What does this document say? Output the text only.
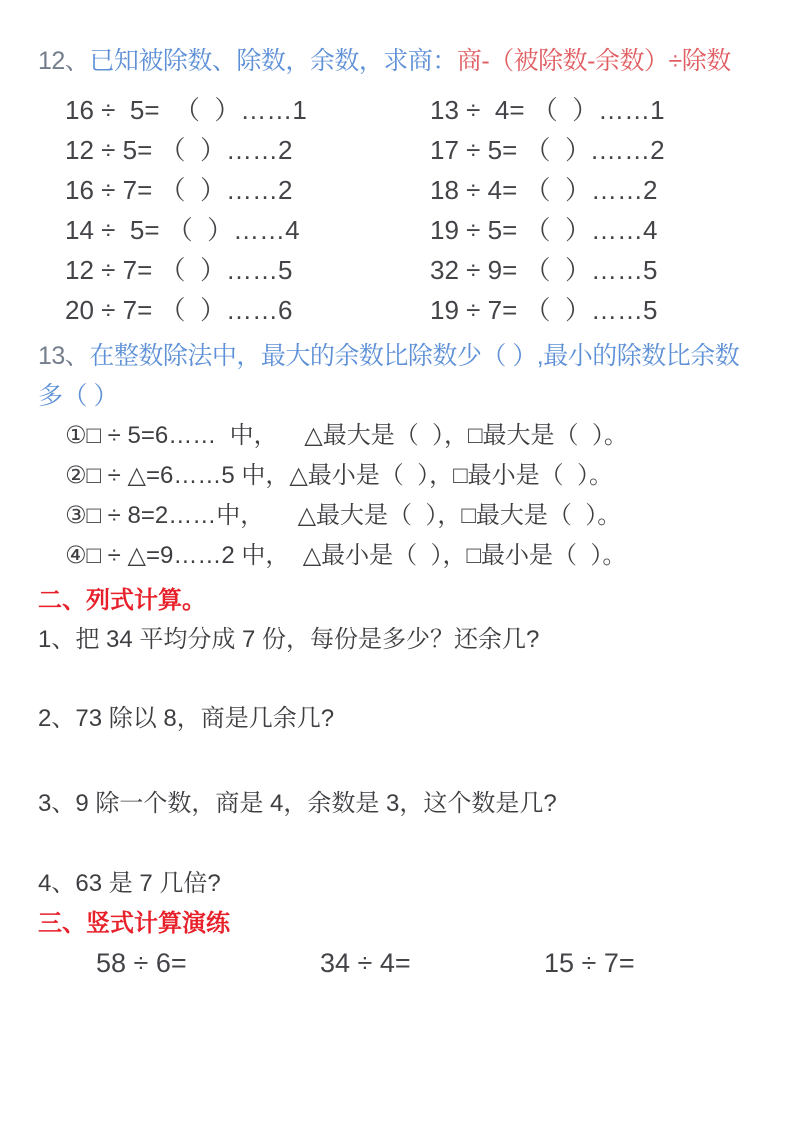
12、已知被除数、除数，余数，求商：商-（被除数-余数）÷除数
16 ÷  5=  （  ）……1	13 ÷  4= （  ）……1
12 ÷ 5= （  ）……2	17 ÷ 5= （  ）.……2
16 ÷ 7= （  ）……2	18 ÷ 4= （  ）……2
14 ÷  5= （  ）……4	19 ÷ 5= （  ）……4
12 ÷ 7= （  ）……5	32 ÷ 9= （  ）……5
20 ÷ 7= （  ）……6	19 ÷ 7= （  ）……5
13、在整数除法中，最大的余数比除数少（ ）,最小的除数比余数
多（ ）
①□ ÷ 5=6……  中，    △最大是（  ），□最大是（  ）。
②□ ÷ △=6……5 中，△最小是（  ），□最小是（  ）。
③□ ÷ 8=2……中，     △最大是（  ），□最大是（  ）。
④□ ÷ △=9……2 中，  △最小是（  ），□最小是（  ）。
二、列式计算。
1、把 34 平均分成 7 份，每份是多少？还余几?
2、73 除以 8，商是几余几?
3、9 除一个数，商是 4，余数是 3，这个数是几?
4、63 是 7 几倍?
三、竖式计算演练
58 ÷ 6=	34 ÷ 4=	15 ÷ 7=
